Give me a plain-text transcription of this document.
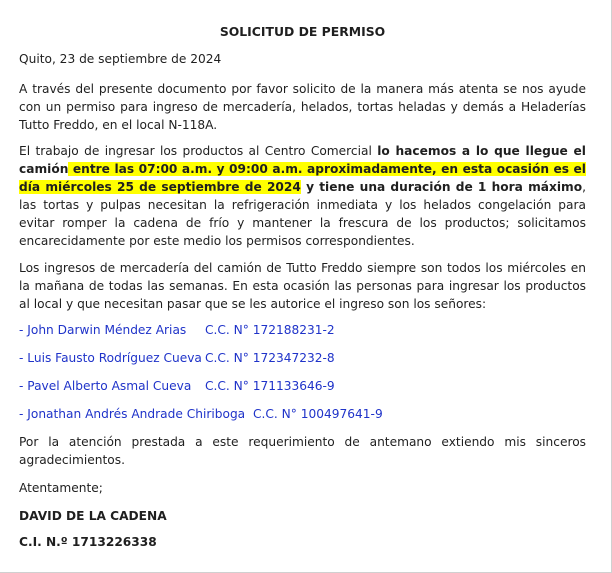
SOLICITUD DE PERMISO

Quito, 23 de septiembre de 2024

A través del presente documento por favor solicito de la manera más atenta se nos ayude con un permiso para ingreso de mercadería, helados, tortas heladas y demás a Heladerías Tutto Freddo, en el local N-118A.

El trabajo de ingresar los productos al Centro Comercial lo hacemos a lo que llegue el camión entre las 07:00 a.m. y 09:00 a.m. aproximadamente, en esta ocasión es el día miércoles 25 de septiembre de 2024 y tiene una duración de 1 hora máximo, las tortas y pulpas necesitan la refrigeración inmediata y los helados congelación para evitar romper la cadena de frío y mantener la frescura de los productos; solicitamos encarecidamente por este medio los permisos correspondientes.

Los ingresos de mercadería del camión de Tutto Freddo siempre son todos los miércoles en la mañana de todas las semanas. En esta ocasión las personas para ingresar los productos al local y que necesitan pasar que se les autorice el ingreso son los señores:

- John Darwin Méndez Arias C.C. N° 172188231-2
- Luis Fausto Rodríguez Cueva C.C. N° 172347232-8
- Pavel Alberto Asmal Cueva C.C. N° 171133646-9
- Jonathan Andrés Andrade Chiriboga C.C. N° 100497641-9

Por la atención prestada a este requerimiento de antemano extiendo mis sinceros agradecimientos.

Atentamente;

DAVID DE LA CADENA

C.I. N.º 1713226338
